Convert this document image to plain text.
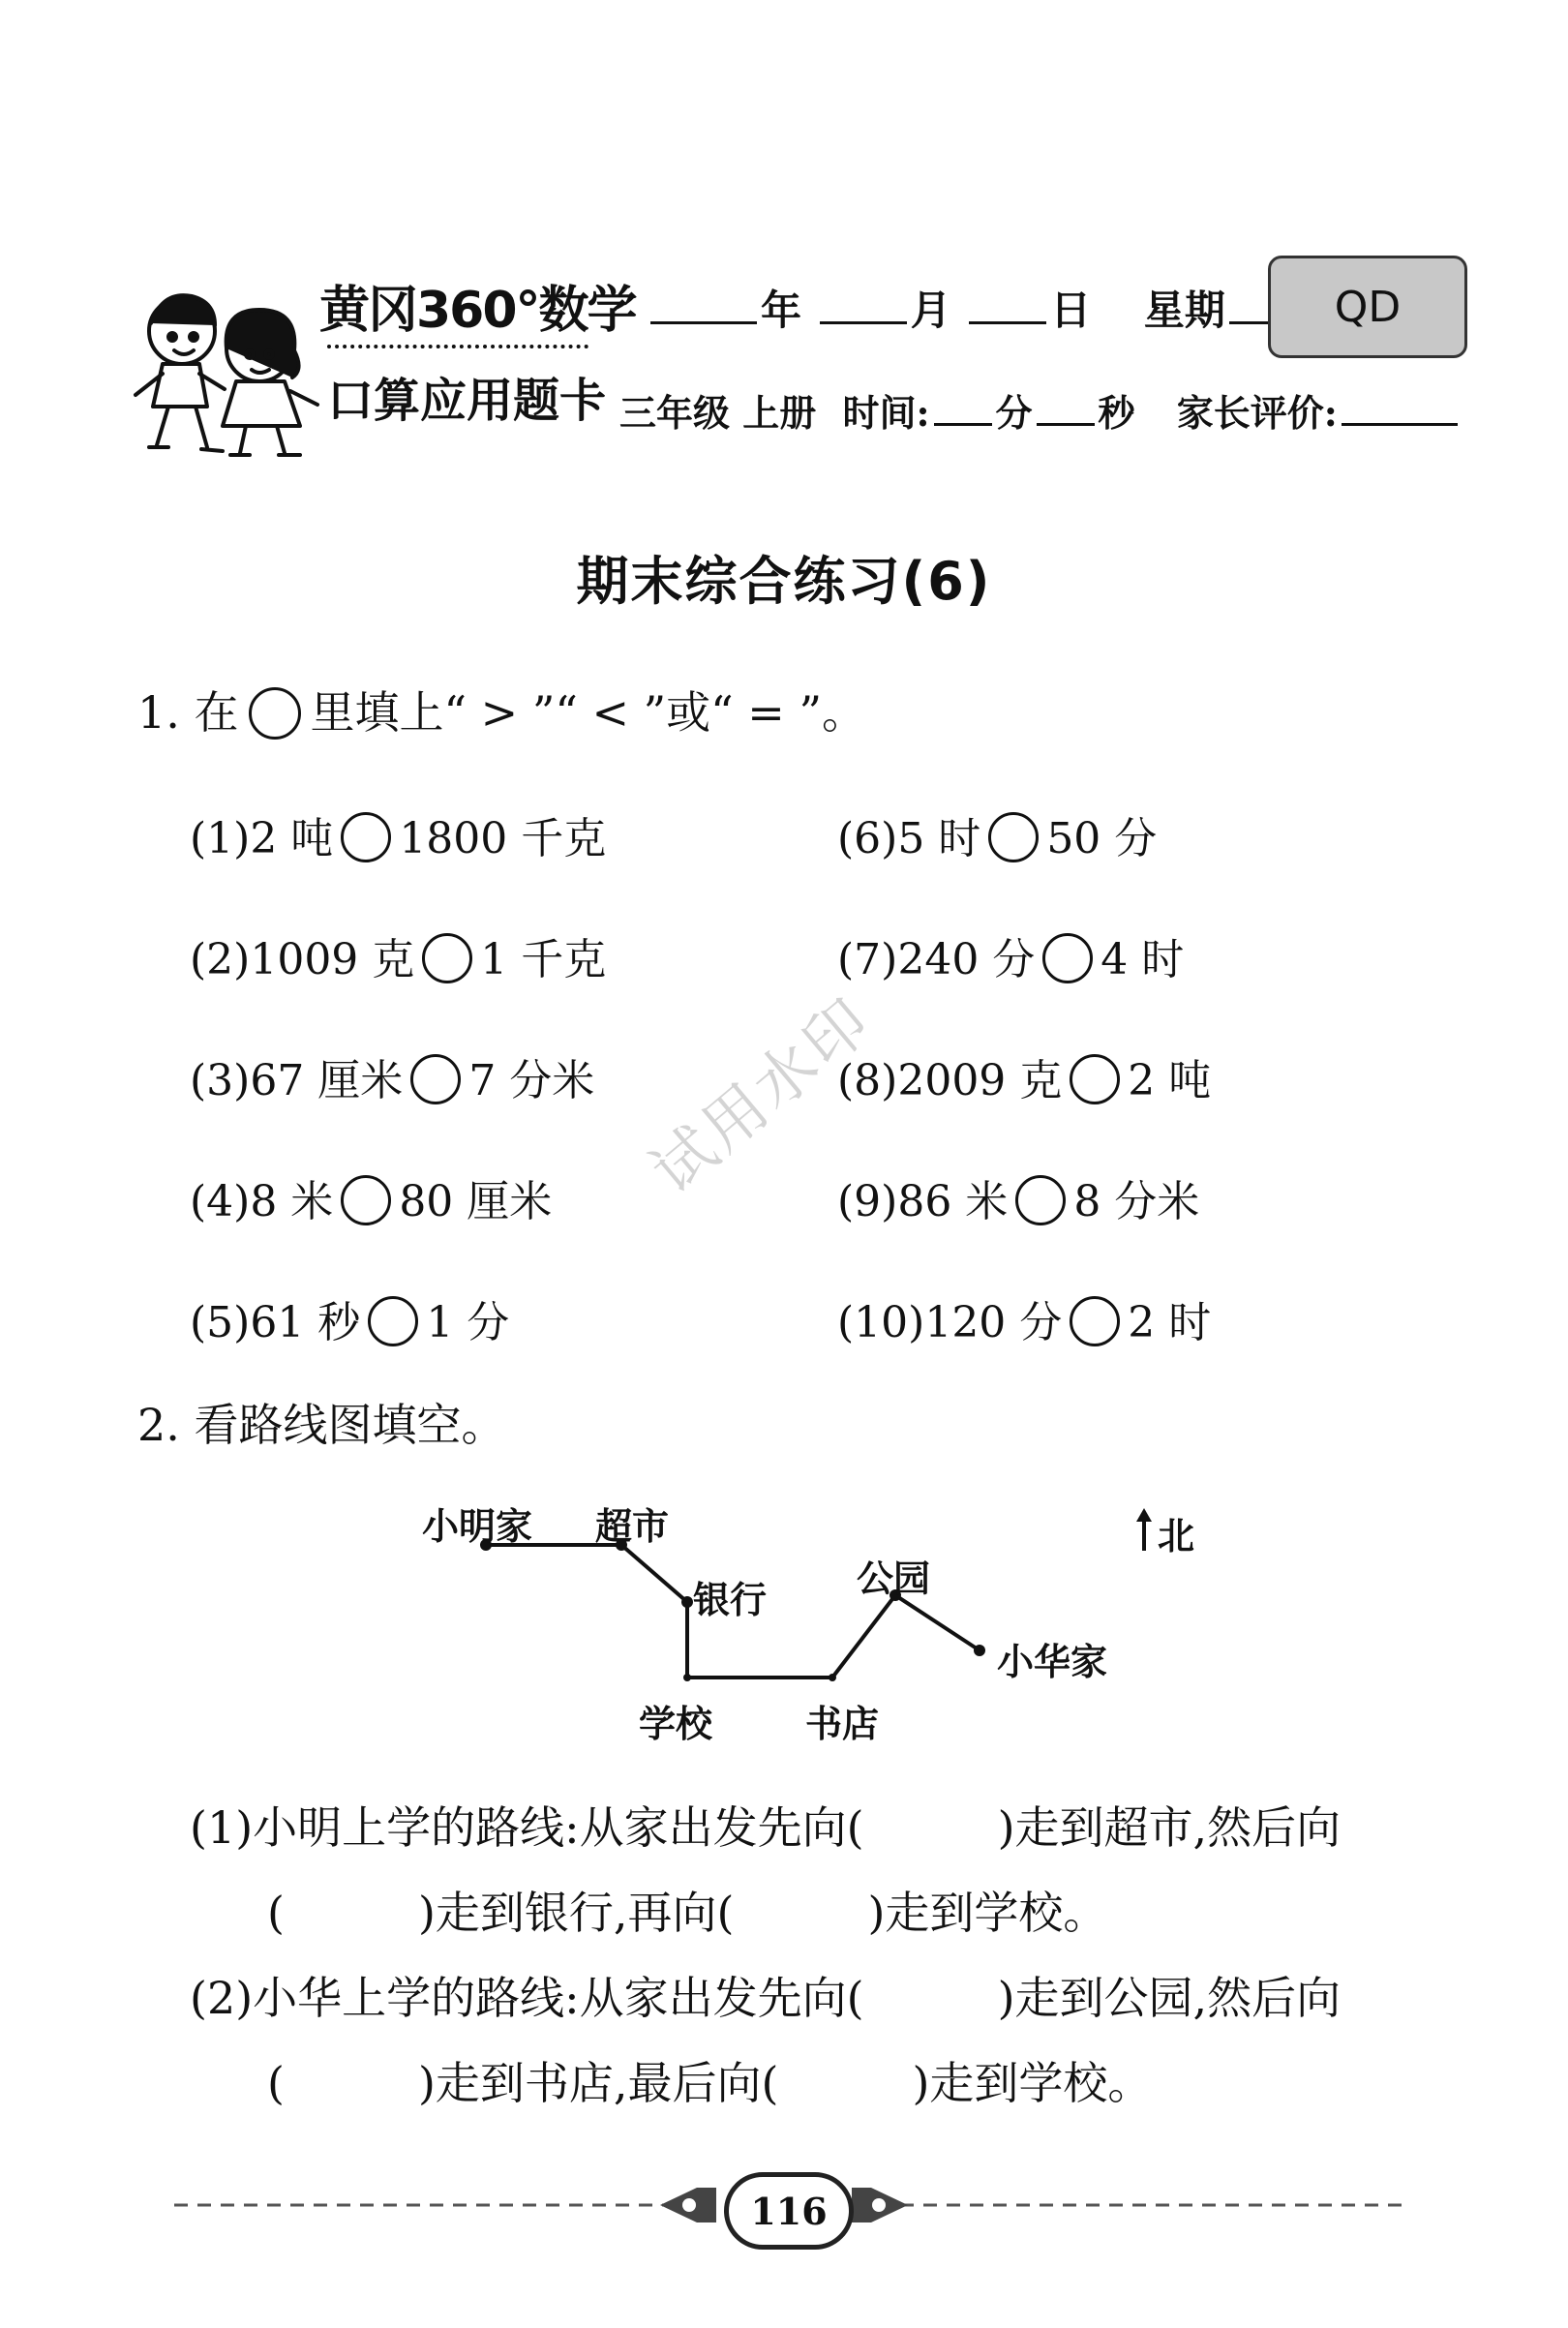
黄冈360°数学
口算应用题卡
年	月 日 星期	QD
三年级 上册 时间: 分 秒 家长评价:
期末综合练习(6)
1. 在 里填上“ > ”“ < ”或“ = ”。
(1)2 吨 1800 千克
(2)1009 克 1 千克
(3)67 厘米 7 分米
(4)8 米 80 厘米
(5)61 秒 1 分
(6)5 时 50 分
(7)240 分 4 时
(8)2009 克 2 吨
(9)86 米 8 分米
(10)120 分 2 时
试用水印
2. 看路线图填空。
小明家 超市
银行 公园
小华家
学校	书店
北
(1)小明上学的路线:从家出发先向(　　　)走到超市,然后向
(　　　)走到银行,再向(　　　)走到学校。
(2)小华上学的路线:从家出发先向(　　　)走到公园,然后向
(　　　)走到书店,最后向(　　　)走到学校。
116
